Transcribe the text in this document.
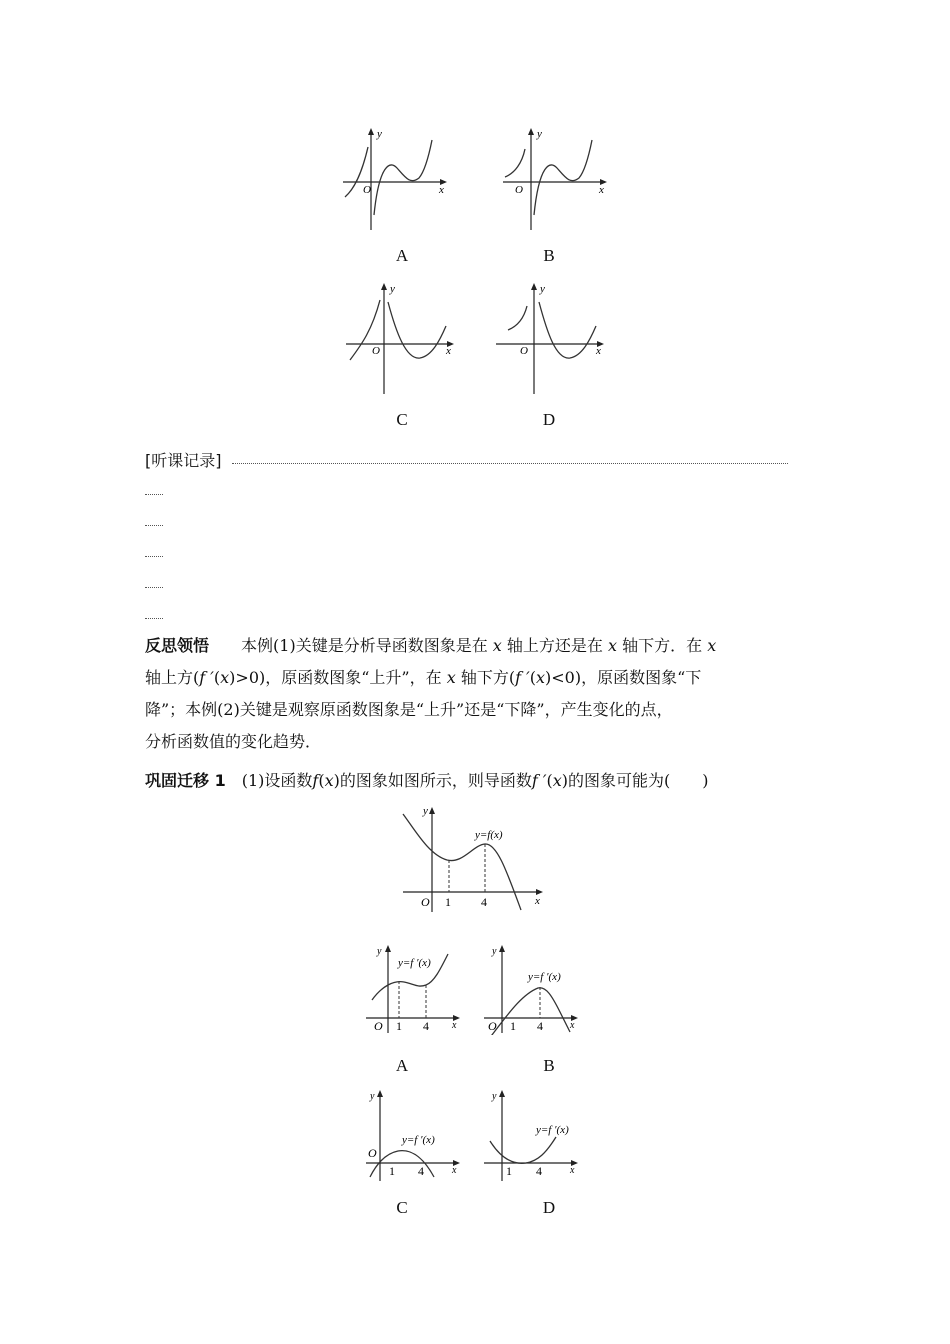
O
y
x
A
O
y
x
B
O
y
x
C
O
y
x
D
[听课记录]
反思领悟　　 本例(1)关键是分析导函数图象是在 x 轴上方还是在 x 轴下方．在 x
轴上方(f ′(x)>0)，原函数图象“上升”，在 x 轴下方(f ′(x)<0)，原函数图象“下
降”；本例(2)关键是观察原函数图象是“上升”还是“下降”，产生变化的点，
分析函数值的变化趋势．
巩固迁移 1　 (1)设函数f(x)的图象如图所示，则导函数f ′(x)的图象可能为(　　)
O 1	4	x
y
y=f(x)
O 1 4 x
y
y=f ′(x)
A
O 1 4	x
y
y=f ′(x)
B
O
1 4	x
y
y=f ′(x)
C
1 4	x
y
y=f ′(x)
D
